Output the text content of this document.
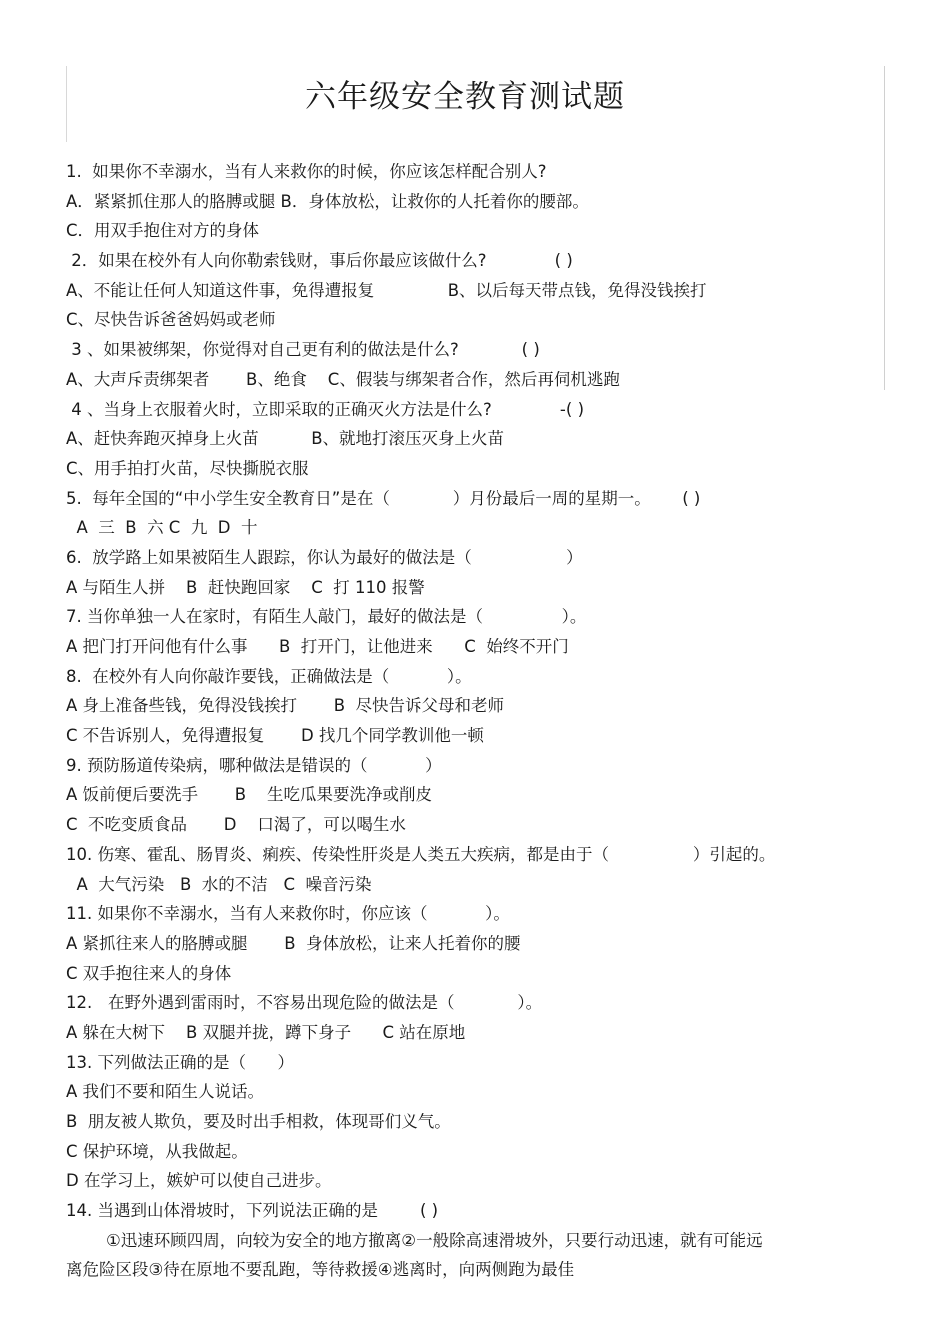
六年级安全教育测试题
1.  如果你不幸溺水，当有人来救你的时候，你应该怎样配合别人?
A．紧紧抓住那人的胳膊或腿 B．身体放松，让救你的人托着你的腰部。
C．用双手抱住对方的身体
2．如果在校外有人向你勒索钱财，事后你最应该做什么?             ( )
A、不能让任何人知道这件事，免得遭报复              B、以后每天带点钱，免得没钱挨打
C、尽快告诉爸爸妈妈或老师
3 、如果被绑架，你觉得对自己更有利的做法是什么?            ( )
A、大声斥责绑架者       B、绝食    C、假装与绑架者合作，然后再伺机逃跑
4 、当身上衣服着火时，立即采取的正确灭火方法是什么?             -( )
A、赶快奔跑灭掉身上火苗          B、就地打滚压灭身上火苗
C、用手拍打火苗，尽快撕脱衣服
5.  每年全国的“中小学生安全教育日”是在（            ）月份最后一周的星期一。      ( )
A  三  B  六 C  九  D  十
6.  放学路上如果被陌生人跟踪，你认为最好的做法是（                  ）
A 与陌生人拼    B  赶快跑回家    C  打 110 报警
7. 当你单独一人在家时，有陌生人敲门，最好的做法是（               ）。
A 把门打开问他有什么事      B  打开门，让他进来      C  始终不开门
8.  在校外有人向你敲诈要钱，正确做法是（           ）。
A 身上准备些钱，免得没钱挨打       B  尽快告诉父母和老师
C 不告诉别人，免得遭报复       D 找几个同学教训他一顿
9. 预防肠道传染病，哪种做法是错误的（           ）
A 饭前便后要洗手       B    生吃瓜果要洗净或削皮
C  不吃变质食品       D    口渴了，可以喝生水
10. 伤寒、霍乱、肠胃炎、痢疾、传染性肝炎是人类五大疾病，都是由于（                ）引起的。
A  大气污染   B  水的不洁   C  噪音污染
11. 如果你不幸溺水，当有人来救你时，你应该（           ）。
A 紧抓往来人的胳膊或腿       B  身体放松，让来人托着你的腰
C 双手抱往来人的身体
12.   在野外遇到雷雨时，不容易出现危险的做法是（            ）。
A 躲在大树下    B 双腿并拢，蹲下身子      C 站在原地
13. 下列做法正确的是（      ）
A 我们不要和陌生人说话。
B  朋友被人欺负，要及时出手相救，体现哥们义气。
C 保护环境，从我做起。
D 在学习上，嫉妒可以使自己进步。
14. 当遇到山体滑坡时，下列说法正确的是        ( )
①迅速环顾四周，向较为安全的地方撤离②一般除高速滑坡外，只要行动迅速，就有可能远
离危险区段③待在原地不要乱跑，等待救援④逃离时，向两侧跑为最佳
